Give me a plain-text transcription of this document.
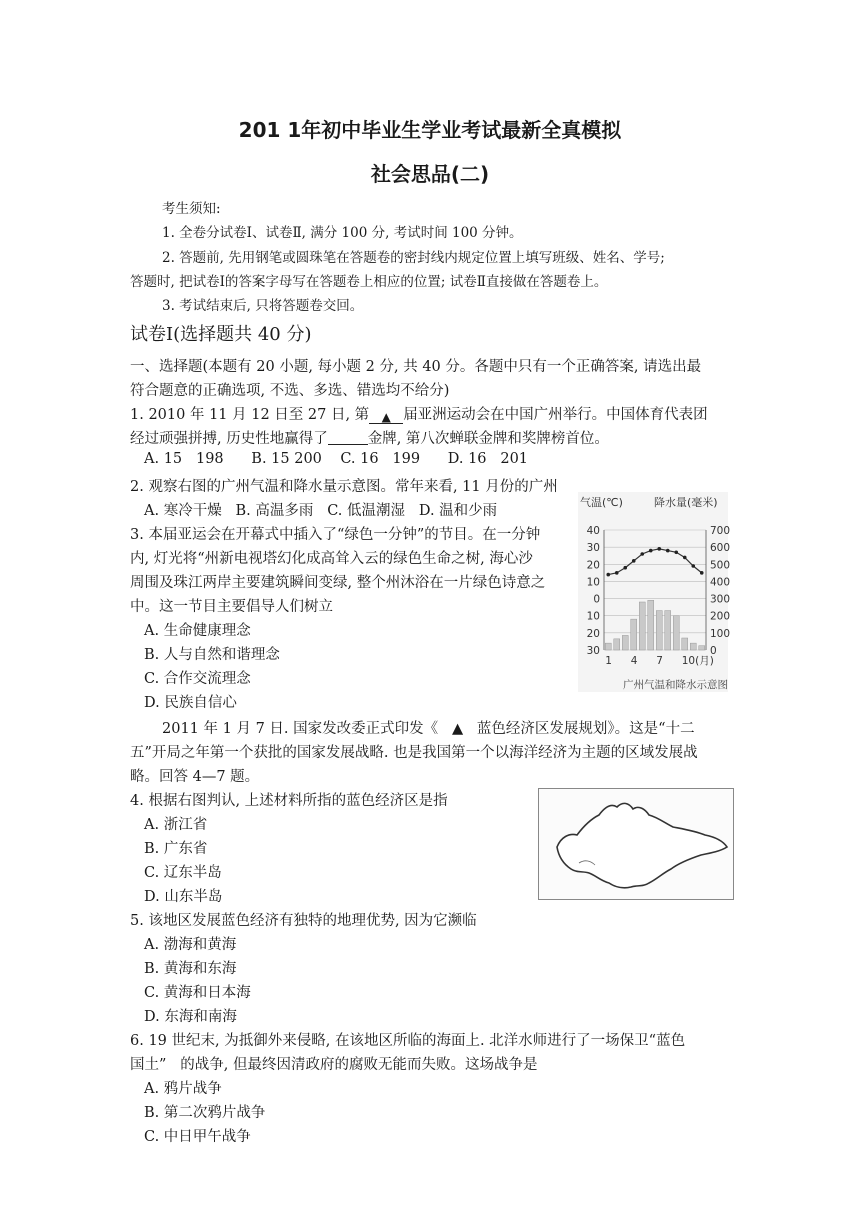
201 1年初中毕业生学业考试最新全真模拟
社会思品(二)
考生须知:
1. 全卷分试卷Ⅰ、试卷Ⅱ, 满分 100 分, 考试时间 100 分钟。
2. 答题前, 先用钢笔或圆珠笔在答题卷的密封线内规定位置上填写班级、姓名、学号;
答题时, 把试卷Ⅰ的答案字母写在答题卷上相应的位置; 试卷Ⅱ直接做在答题卷上。
3. 考试结束后, 只将答题卷交回。
试卷Ⅰ(选择题共 40 分)
一、选择题(本题有 20 小题, 每小题 2 分, 共 40 分。各题中只有一个正确答案, 请选出最
符合题意的正确选项, 不选、多选、错选均不给分)
1. 2010 年 11 月 12 日至 27 日, 第 ▲ 届亚洲运动会在中国广州举行。中国体育代表团
经过顽强拼搏, 历史性地赢得了	金牌, 第八次蝉联金牌和奖牌榜首位。
A. 15   198      B. 15 200    C. 16   199      D. 16   201
2. 观察右图的广州气温和降水量示意图。常年来看, 11 月份的广州
A. 寒冷干燥   B. 高温多雨   C. 低温潮湿   D. 温和少雨
3. 本届亚运会在开幕式中插入了“绿色一分钟”的节目。在一分钟
内, 灯光将“州新电视塔幻化成高耸入云的绿色生命之树, 海心沙
周围及珠江两岸主要建筑瞬间变绿, 整个州沐浴在一片绿色诗意之
中。这一节目主要倡导人们树立
A. 生命健康理念
B. 人与自然和谐理念
C. 合作交流理念
D. 民族自信心
气温(℃)	降水量(毫米)
40	700
30	600
20	500
10	400
0	300
10	200
20	100
30	0
1 4 7 10(月)
广州气温和降水示意图
2011 年 1 月 7 日. 国家发改委正式印发《   ▲   蓝色经济区发展规划》。这是“十二
五”开局之年第一个获批的国家发展战略. 也是我国第一个以海洋经济为主题的区域发展战
略。回答 4—7 题。
4. 根据右图判认, 上述材料所指的蓝色经济区是指
A. 浙江省
B. 广东省
C. 辽东半岛
D. 山东半岛
5. 该地区发展蓝色经济有独特的地理优势, 因为它濒临
A. 渤海和黄海
B. 黄海和东海
C. 黄海和日本海
D. 东海和南海
6. 19 世纪末, 为抵御外来侵略, 在该地区所临的海面上. 北洋水师进行了一场保卫“蓝色
国土”   的战争, 但最终因清政府的腐败无能而失败。这场战争是
A. 鸦片战争
B. 第二次鸦片战争
C. 中日甲午战争
